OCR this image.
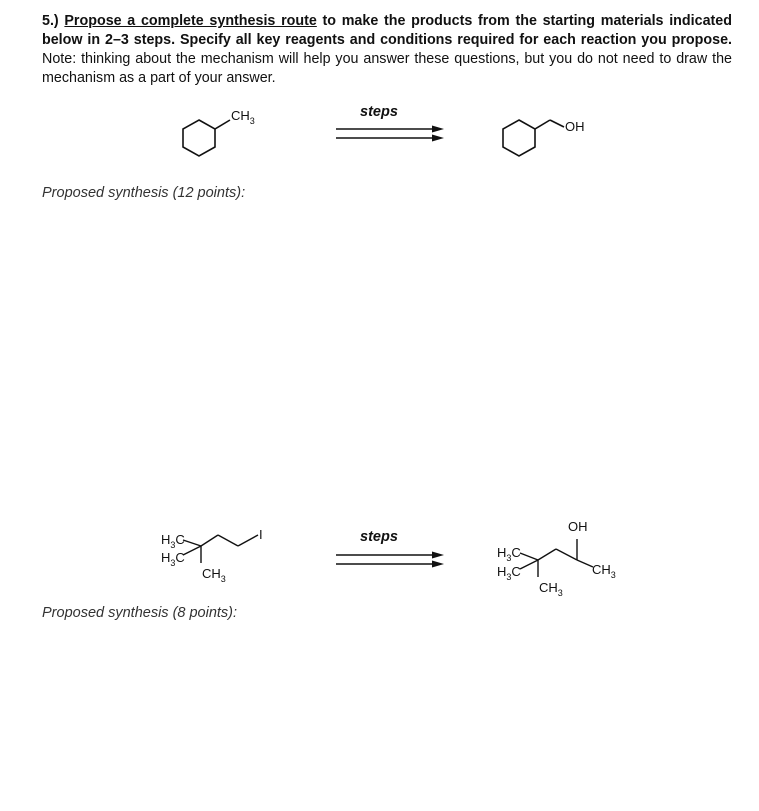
5.) Propose a complete synthesis route to make the products from the starting materials indicated below in 2–3 steps. Specify all key reagents and conditions required for each reaction you propose. Note: thinking about the mechanism will help you answer these questions, but you do not need to draw the mechanism as a part of your answer.
$CH_3$
steps
OH
Proposed synthesis (12 points):
$H_3C$
$H_3C$
$CH_3$
I	steps
$H_3C$
$H_3C$
$CH_3$
OH
$CH_3$
Proposed synthesis (8 points):
